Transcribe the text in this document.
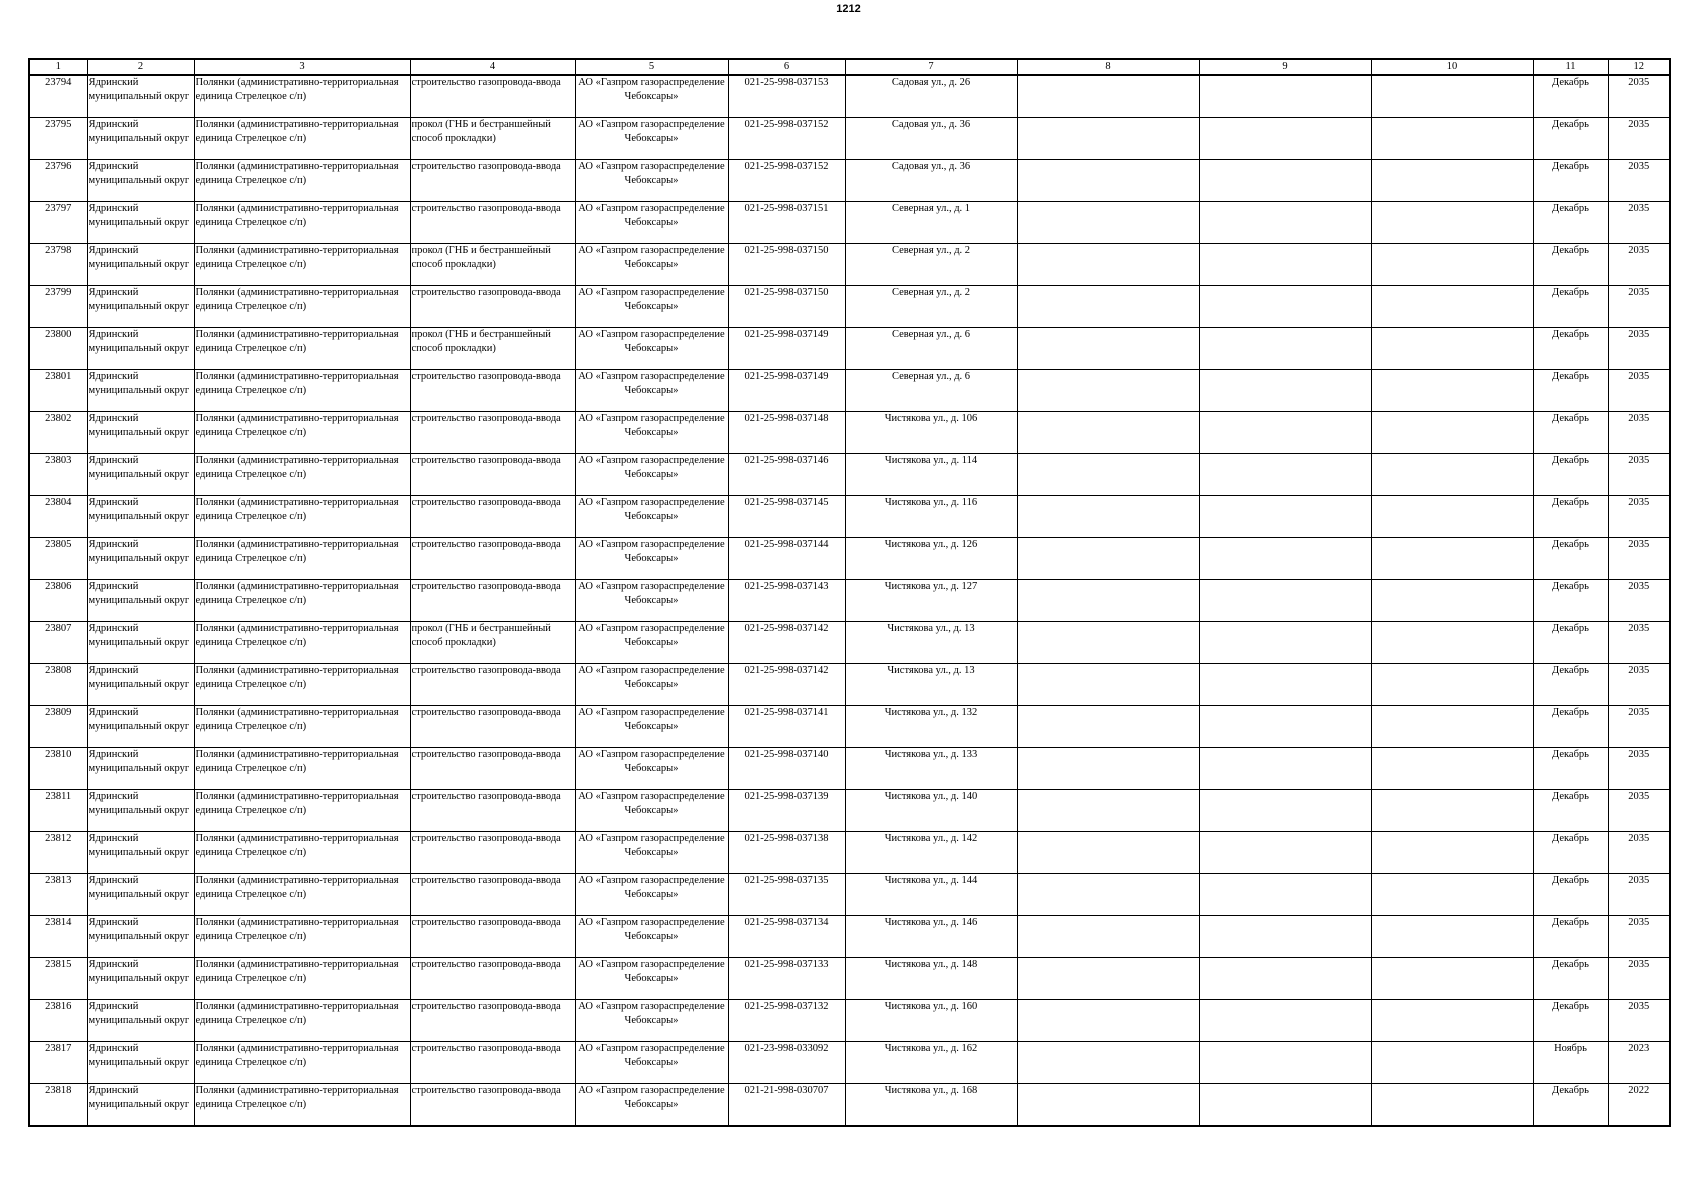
1212
1	2	3	4	5	6	7	8	9	10	11	12

23794	Ядринский муниципальный округ	Полянки (административно-территориальная единица Стрелецкое с/п)	строительство газопровода-ввода	АО «Газпром газораспределение Чебоксары»	021-25-998-037153	Садовая ул., д. 26				Декабрь	2035

23795	Ядринский муниципальный округ	Полянки (административно-территориальная единица Стрелецкое с/п)	прокол (ГНБ и бестраншейный способ прокладки)	АО «Газпром газораспределение Чебоксары»	021-25-998-037152	Садовая ул., д. 36				Декабрь	2035

23796	Ядринский муниципальный округ	Полянки (административно-территориальная единица Стрелецкое с/п)	строительство газопровода-ввода	АО «Газпром газораспределение Чебоксары»	021-25-998-037152	Садовая ул., д. 36				Декабрь	2035

23797	Ядринский муниципальный округ	Полянки (административно-территориальная единица Стрелецкое с/п)	строительство газопровода-ввода	АО «Газпром газораспределение Чебоксары»	021-25-998-037151	Северная ул., д. 1				Декабрь	2035

23798	Ядринский муниципальный округ	Полянки (административно-территориальная единица Стрелецкое с/п)	прокол (ГНБ и бестраншейный способ прокладки)	АО «Газпром газораспределение Чебоксары»	021-25-998-037150	Северная ул., д. 2				Декабрь	2035

23799	Ядринский муниципальный округ	Полянки (административно-территориальная единица Стрелецкое с/п)	строительство газопровода-ввода	АО «Газпром газораспределение Чебоксары»	021-25-998-037150	Северная ул., д. 2				Декабрь	2035

23800	Ядринский муниципальный округ	Полянки (административно-территориальная единица Стрелецкое с/п)	прокол (ГНБ и бестраншейный способ прокладки)	АО «Газпром газораспределение Чебоксары»	021-25-998-037149	Северная ул., д. 6				Декабрь	2035

23801	Ядринский муниципальный округ	Полянки (административно-территориальная единица Стрелецкое с/п)	строительство газопровода-ввода	АО «Газпром газораспределение Чебоксары»	021-25-998-037149	Северная ул., д. 6				Декабрь	2035

23802	Ядринский муниципальный округ	Полянки (административно-территориальная единица Стрелецкое с/п)	строительство газопровода-ввода	АО «Газпром газораспределение Чебоксары»	021-25-998-037148	Чистякова ул., д. 106				Декабрь	2035

23803	Ядринский муниципальный округ	Полянки (административно-территориальная единица Стрелецкое с/п)	строительство газопровода-ввода	АО «Газпром газораспределение Чебоксары»	021-25-998-037146	Чистякова ул., д. 114				Декабрь	2035

23804	Ядринский муниципальный округ	Полянки (административно-территориальная единица Стрелецкое с/п)	строительство газопровода-ввода	АО «Газпром газораспределение Чебоксары»	021-25-998-037145	Чистякова ул., д. 116				Декабрь	2035

23805	Ядринский муниципальный округ	Полянки (административно-территориальная единица Стрелецкое с/п)	строительство газопровода-ввода	АО «Газпром газораспределение Чебоксары»	021-25-998-037144	Чистякова ул., д. 126				Декабрь	2035

23806	Ядринский муниципальный округ	Полянки (административно-территориальная единица Стрелецкое с/п)	строительство газопровода-ввода	АО «Газпром газораспределение Чебоксары»	021-25-998-037143	Чистякова ул., д. 127				Декабрь	2035

23807	Ядринский муниципальный округ	Полянки (административно-территориальная единица Стрелецкое с/п)	прокол (ГНБ и бестраншейный способ прокладки)	АО «Газпром газораспределение Чебоксары»	021-25-998-037142	Чистякова ул., д. 13				Декабрь	2035

23808	Ядринский муниципальный округ	Полянки (административно-территориальная единица Стрелецкое с/п)	строительство газопровода-ввода	АО «Газпром газораспределение Чебоксары»	021-25-998-037142	Чистякова ул., д. 13				Декабрь	2035

23809	Ядринский муниципальный округ	Полянки (административно-территориальная единица Стрелецкое с/п)	строительство газопровода-ввода	АО «Газпром газораспределение Чебоксары»	021-25-998-037141	Чистякова ул., д. 132				Декабрь	2035

23810	Ядринский муниципальный округ	Полянки (административно-территориальная единица Стрелецкое с/п)	строительство газопровода-ввода	АО «Газпром газораспределение Чебоксары»	021-25-998-037140	Чистякова ул., д. 133				Декабрь	2035

23811	Ядринский муниципальный округ	Полянки (административно-территориальная единица Стрелецкое с/п)	строительство газопровода-ввода	АО «Газпром газораспределение Чебоксары»	021-25-998-037139	Чистякова ул., д. 140				Декабрь	2035

23812	Ядринский муниципальный округ	Полянки (административно-территориальная единица Стрелецкое с/п)	строительство газопровода-ввода	АО «Газпром газораспределение Чебоксары»	021-25-998-037138	Чистякова ул., д. 142				Декабрь	2035

23813	Ядринский муниципальный округ	Полянки (административно-территориальная единица Стрелецкое с/п)	строительство газопровода-ввода	АО «Газпром газораспределение Чебоксары»	021-25-998-037135	Чистякова ул., д. 144				Декабрь	2035

23814	Ядринский муниципальный округ	Полянки (административно-территориальная единица Стрелецкое с/п)	строительство газопровода-ввода	АО «Газпром газораспределение Чебоксары»	021-25-998-037134	Чистякова ул., д. 146				Декабрь	2035

23815	Ядринский муниципальный округ	Полянки (административно-территориальная единица Стрелецкое с/п)	строительство газопровода-ввода	АО «Газпром газораспределение Чебоксары»	021-25-998-037133	Чистякова ул., д. 148				Декабрь	2035

23816	Ядринский муниципальный округ	Полянки (административно-территориальная единица Стрелецкое с/п)	строительство газопровода-ввода	АО «Газпром газораспределение Чебоксары»	021-25-998-037132	Чистякова ул., д. 160				Декабрь	2035

23817	Ядринский муниципальный округ	Полянки (административно-территориальная единица Стрелецкое с/п)	строительство газопровода-ввода	АО «Газпром газораспределение Чебоксары»	021-23-998-033092	Чистякова ул., д. 162				Ноябрь	2023

23818	Ядринский муниципальный округ	Полянки (административно-территориальная единица Стрелецкое с/п)	строительство газопровода-ввода	АО «Газпром газораспределение Чебоксары»	021-21-998-030707	Чистякова ул., д. 168				Декабрь	2022
